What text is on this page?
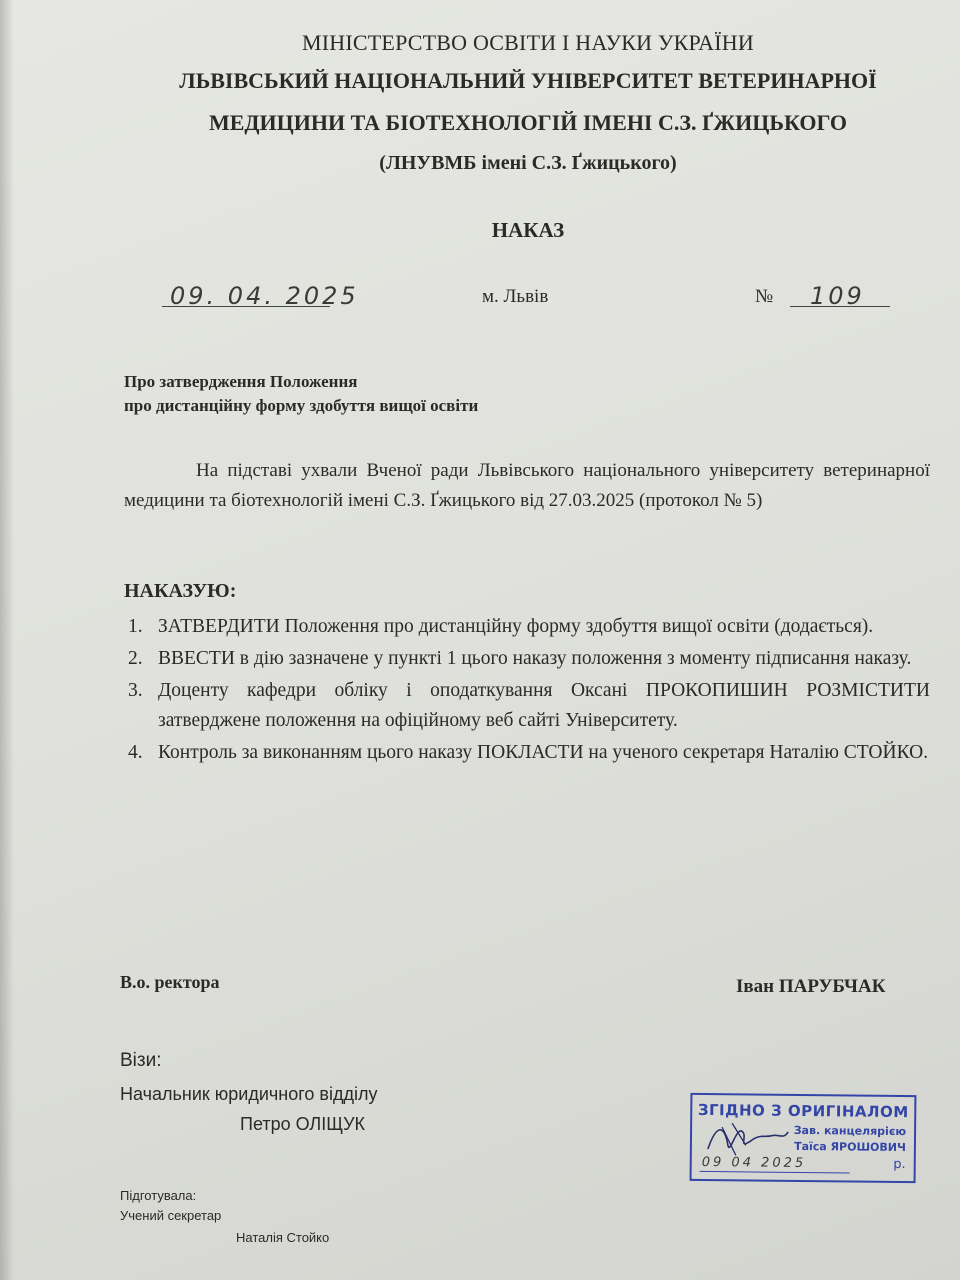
МІНІСТЕРСТВО ОСВІТИ І НАУКИ УКРАЇНИ
ЛЬВІВСЬКИЙ НАЦІОНАЛЬНИЙ УНІВЕРСИТЕТ ВЕТЕРИНАРНОЇ
МЕДИЦИНИ ТА БІОТЕХНОЛОГІЙ ІМЕНІ С.З. ҐЖИЦЬКОГО
(ЛНУВМБ імені С.З. Ґжицького)
НАКАЗ
09. 04. 2025	м. Львів	№ 109
Про затвердження Положення
про дистанційну форму здобуття вищої освіти
На підставі ухвали Вченої ради Львівського національного університету ветеринарної медицини та біотехнологій імені С.З. Ґжицького від 27.03.2025 (протокол № 5)
НАКАЗУЮ:
1. ЗАТВЕРДИТИ Положення про дистанційну форму здобуття вищої освіти (додається).
2. ВВЕСТИ в дію зазначене у пункті 1 цього наказу положення з моменту підписання наказу.
3. Доценту кафедри обліку і оподаткування Оксані ПРОКОПИШИН РОЗМІСТИТИ затверджене положення на офіційному веб сайті Університету.
4. Контроль за виконанням цього наказу ПОКЛАСТИ на ученого секретаря Наталію СТОЙКО.
В.о. ректора	Іван ПАРУБЧАК
Візи:
Начальник юридичного відділу
Петро ОЛІЩУК
Підготувала:
Учений секретар
Наталія Стойко
ЗГІДНО З ОРИГІНАЛОМ
Зав. канцелярією
Таїса ЯРОШОВИЧ
09 04 2025	р.
